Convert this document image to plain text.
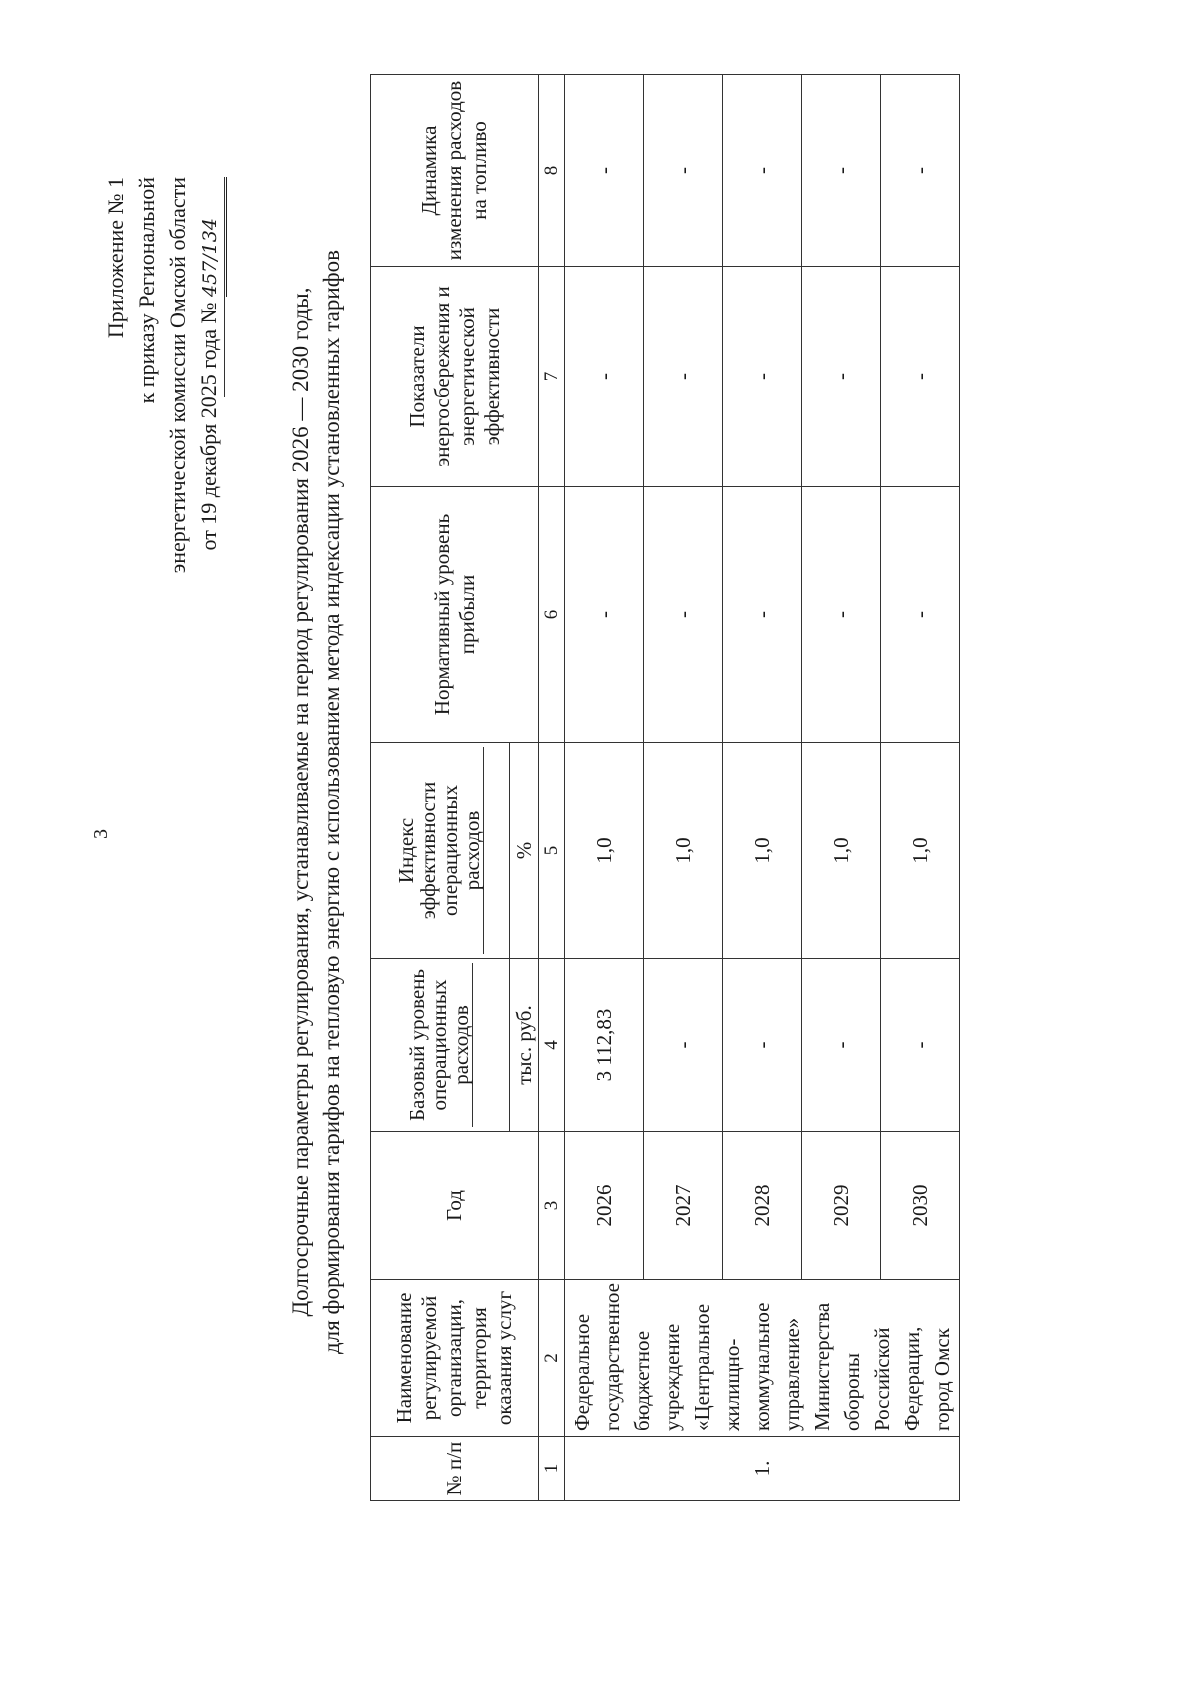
3
Приложение № 1 к приказу Региональной энергетической комиссии Омской области от 19 декабря 2025 года № 457/134
Долгосрочные параметры регулирования, устанавливаемые на период регулирования 2026 — 2030 годы, для формирования тарифов на тепловую энергию с использованием метода индексации установленных тарифов
№ п/п	Наименование регулируемой организации, территория оказания услуг	Год	Базовый уровень операционных расходов	Индекс эффективности операционных расходов	Нормативный уровень прибыли	Показатели энергосбережения и энергетической эффективности	Динамика изменения расходов на топливо
			тыс. руб.	%			
1	2	3	4	5	6	7	8
1.	Федеральное государственное бюджетное учреждение «Центральное жилищно-коммунальное управление» Министерства обороны Российской Федерации, город Омск	2026	3 112,83	1,0	-	-	-
		2027	-	1,0	-	-	-
		2028	-	1,0	-	-	-
		2029	-	1,0	-	-	-
		2030	-	1,0	-	-	-
